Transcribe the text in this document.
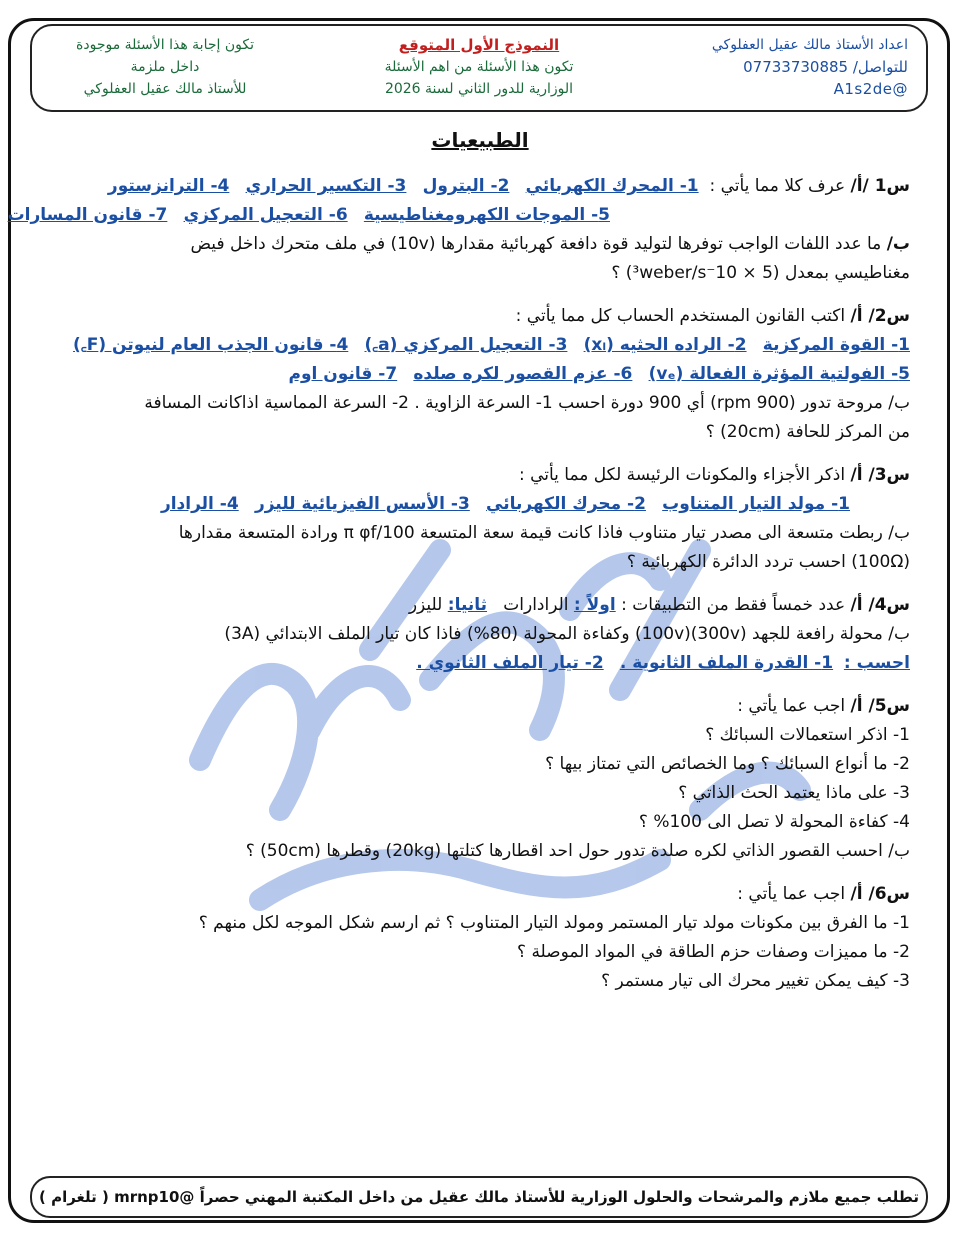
اعداد الأستاذ مالك عقيل العفلوكي
للتواصل/ 07733730885
@A1s2de
النموذج الأول المتوقع
تكون هذا الأسئلة من اهم الأسئلة
الوزارية للدور الثاني لسنة 2026
تكون إجابة هذا الأسئلة موجودة
داخل ملزمة
للأستاذ مالك عقيل العفلوكي
الطبيعيات
س1 /أ/ عرف كلا مما يأتي :  1- المحرك الكهربائي   2- البترول   3- التكسير الحراري   4- الترانزستور
5- الموجات الكهرومغناطيسية   6- التعجيل المركزي   7- قانون المسارات
ب/ ما عدد اللفات الواجب توفرها لتوليد قوة دافعة كهربائية مقدارها (10v) في ملف متحرك داخل فيض
مغناطيسي بمعدل (5 × 10⁻³weber/s) ؟
س2/ أ/ اكتب القانون المستخدم الحساب كل مما يأتي :
1- القوة المركزية   2- الراده الحثيه (xₗ)   3- التعجيل المركزي (a꜀)   4- قانون الجذب العام لنيوتن (F꜀)
5- الفولتية المؤثرة الفعالة (vₑ)   6- عزم القصور لكره صلده   7- قانون اوم
ب/ مروحة تدور (900 rpm) أي 900 دورة احسب 1- السرعة الزاوية . 2- السرعة المماسية اذاكانت المسافة
من المركز للحافة (20cm) ؟
س3/ أ/ اذكر الأجزاء والمكونات الرئيسة لكل مما يأتي :
1- مولد التيار المتناوب   2- محرك الكهربائي   3- الأسس الفيزيائية لليزر   4- الرادار
ب/ ربطت متسعة الى مصدر تيار متناوب فاذا كانت قيمة سعة المتسعة 100/π φf ورادة المتسعة مقدارها
(100Ω) احسب تردد الدائرة الكهربائية ؟
س4/ أ/ عدد خمساً فقط من التطبيقات : اولاً : الرادارات   ثانيا: لليزر
ب/ محولة رافعة للجهد (300v)(100v) وكفاءة المحولة (80%) فاذا كان تيار الملف الابتدائي (3A)
احسب :  1- القدرة الملف الثانوية .   2- تيار الملف الثانوي .
س5/ أ/ اجب عما يأتي :
1- اذكر استعمالات السبائك ؟
2- ما أنواع السبائك ؟ وما الخصائص التي تمتاز بيها ؟
3- على ماذا يعتمد الحث الذاتي ؟
4- كفاءة المحولة لا تصل الى 100% ؟
ب/ احسب القصور الذاتي لكره صلدة تدور حول احد اقطارها كتلتها (20kg) وقطرها (50cm) ؟
س6/ أ/ اجب عما يأتي :
1- ما الفرق بين مكونات مولد تيار المستمر ومولد التيار المتناوب ؟ ثم ارسم شكل الموجه لكل منهم ؟
2- ما مميزات وصفات حزم الطاقة في المواد الموصلة ؟
3- كيف يمكن تغيير محرك الى تيار مستمر ؟
تطلب جميع ملازم والمرشحات والحلول الوزارية للأستاذ مالك عقيل من داخل المكتبة المهني حصراً @mrnp10 ( تلغرام )
